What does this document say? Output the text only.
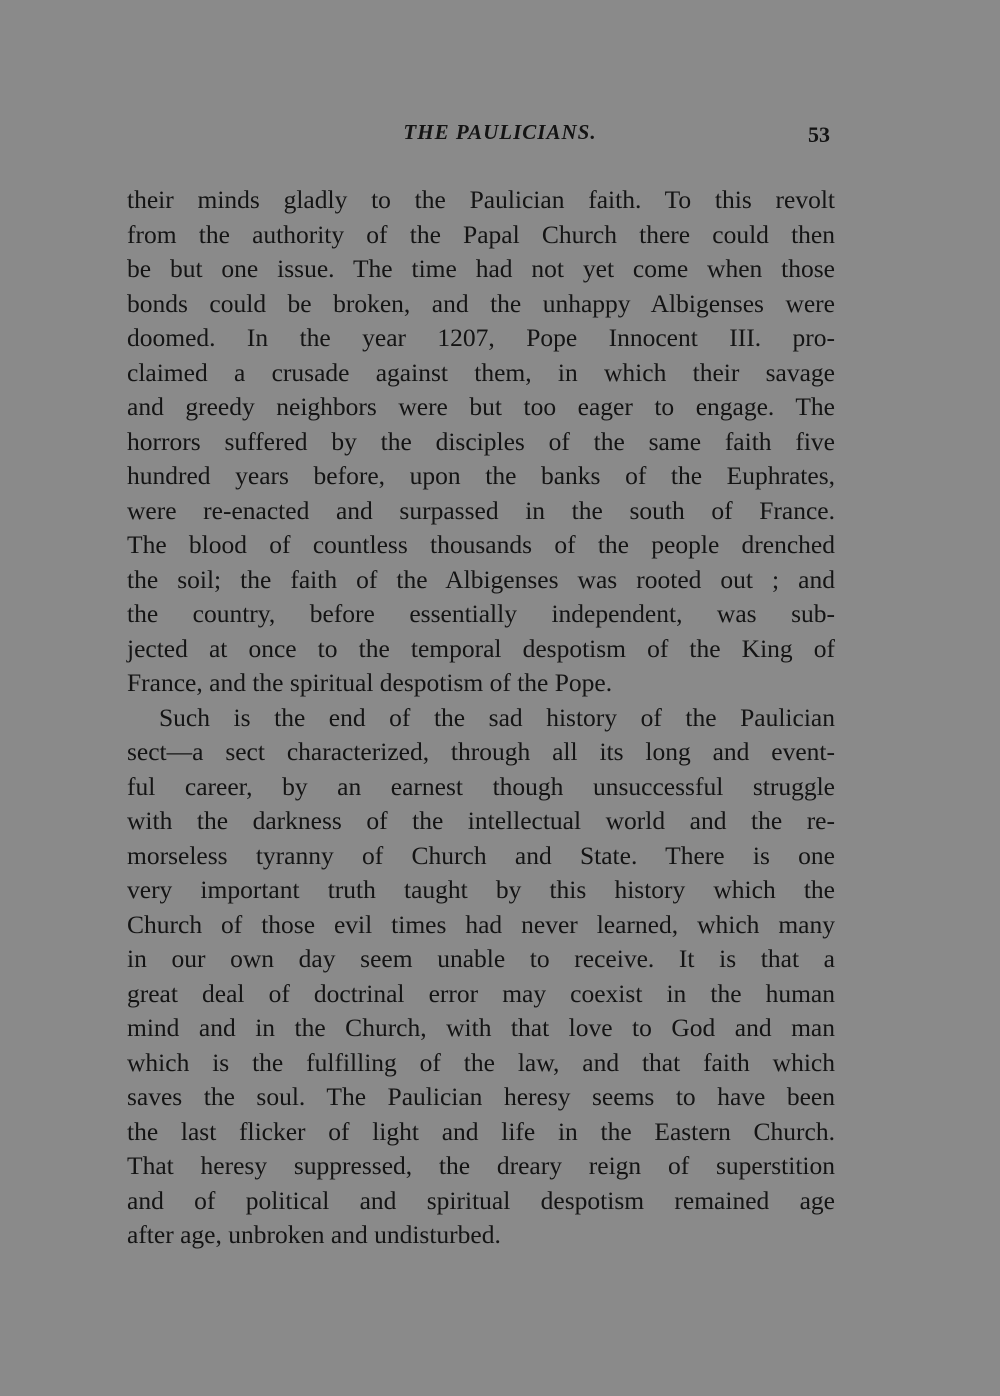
THE PAULICIANS.	53
their minds gladly to the Paulician faith. To this revolt
from the authority of the Papal Church there could then
be but one issue. The time had not yet come when those
bonds could be broken, and the unhappy Albigenses were
doomed. In the year 1207, Pope Innocent III. pro-
claimed a crusade against them, in which their savage
and greedy neighbors were but too eager to engage. The
horrors suffered by the disciples of the same faith five
hundred years before, upon the banks of the Euphrates,
were re-enacted and surpassed in the south of France.
The blood of countless thousands of the people drenched
the soil; the faith of the Albigenses was rooted out ; and
the country, before essentially independent, was sub-
jected at once to the temporal despotism of the King of
France, and the spiritual despotism of the Pope.
Such is the end of the sad history of the Paulician
sect—a sect characterized, through all its long and event-
ful career, by an earnest though unsuccessful struggle
with the darkness of the intellectual world and the re-
morseless tyranny of Church and State. There is one
very important truth taught by this history which the
Church of those evil times had never learned, which many
in our own day seem unable to receive. It is that a
great deal of doctrinal error may coexist in the human
mind and in the Church, with that love to God and man
which is the fulfilling of the law, and that faith which
saves the soul. The Paulician heresy seems to have been
the last flicker of light and life in the Eastern Church.
That heresy suppressed, the dreary reign of superstition
and of political and spiritual despotism remained age
after age, unbroken and undisturbed.
